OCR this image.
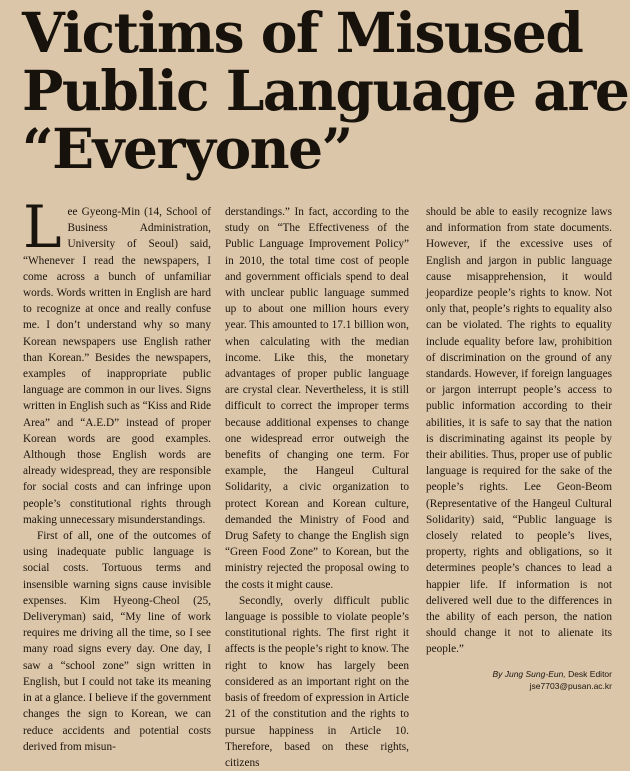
Victims of Misused
Public Language are
“Everyone”

Lee Gyeong-Min (14, School of Business Administration, University of Seoul) said, “Whenever I read the newspapers, I come across a bunch of unfamiliar words. Words written in English are hard to recognize at once and really confuse me. I don’t understand why so many Korean newspapers use English rather than Korean.” Besides the newspapers, examples of inappropriate public language are common in our lives. Signs written in English such as “Kiss and Ride Area” and “A.E.D” instead of proper Korean words are good examples. Although those English words are already widespread, they are responsible for social costs and can infringe upon people’s constitutional rights through making unnecessary misunderstandings.

First of all, one of the outcomes of using inadequate public language is social costs. Tortuous terms and insensible warning signs cause invisible expenses. Kim Hyeong-Cheol (25, Deliveryman) said, “My line of work requires me driving all the time, so I see many road signs every day. One day, I saw a “school zone” sign written in English, but I could not take its meaning in at a glance. I believe if the government changes the sign to Korean, we can reduce accidents and potential costs derived from misun-

derstandings.” In fact, according to the study on “The Effectiveness of the Public Language Improvement Policy” in 2010, the total time cost of people and government officials spend to deal with unclear public language summed up to about one million hours every year. This amounted to 17.1 billion won, when calculating with the median income. Like this, the monetary advantages of proper public language are crystal clear. Nevertheless, it is still difficult to correct the improper terms because additional expenses to change one widespread error outweigh the benefits of changing one term. For example, the Hangeul Cultural Solidarity, a civic organization to protect Korean and Korean culture, demanded the Ministry of Food and Drug Safety to change the English sign “Green Food Zone” to Korean, but the ministry rejected the proposal owing to the costs it might cause.

Secondly, overly difficult public language is possible to violate people’s constitutional rights. The first right it affects is the people’s right to know. The right to know has largely been considered as an important right on the basis of freedom of expression in Article 21 of the constitution and the rights to pursue happiness in Article 10. Therefore, based on these rights, citizens

should be able to easily recognize laws and information from state documents. However, if the excessive uses of English and jargon in public language cause misapprehension, it would jeopardize people’s rights to know. Not only that, people’s rights to equality also can be violated. The rights to equality include equality before law, prohibition of discrimination on the ground of any standards. However, if foreign languages or jargon interrupt people’s access to public information according to their abilities, it is safe to say that the nation is discriminating against its people by their abilities. Thus, proper use of public language is required for the sake of the people’s rights. Lee Geon-Beom (Representative of the Hangeul Cultural Solidarity) said, “Public language is closely related to people’s lives, property, rights and obligations, so it determines people’s chances to lead a happier life. If information is not delivered well due to the differences in the ability of each person, the nation should change it not to alienate its people.”

By Jung Sung-Eun, Desk Editor
jse7703@pusan.ac.kr
